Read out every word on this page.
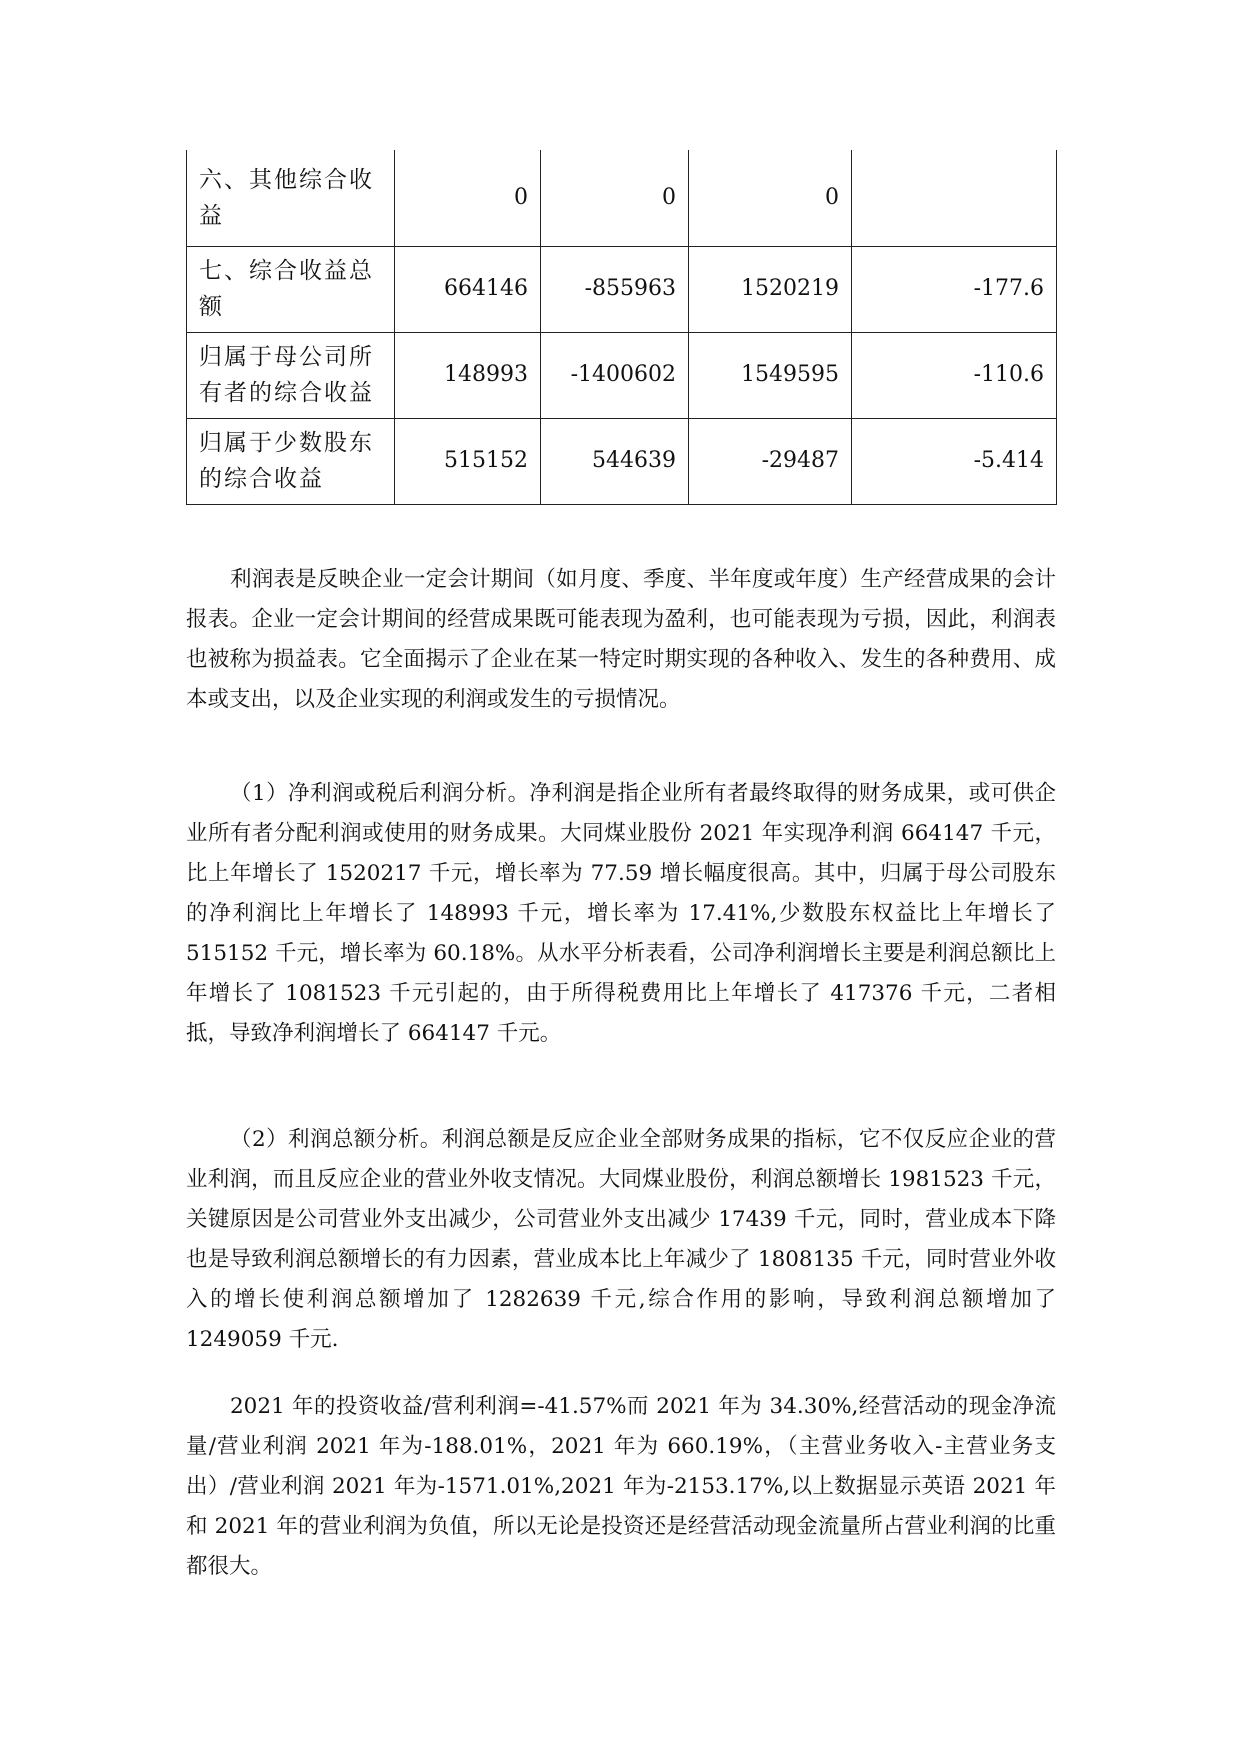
六、其他综合收益	0	0	0	
七、综合收益总额	664146	-855963	1520219	-177.6
归属于母公司所有者的综合收益	148993	-1400602	1549595	-110.6
归属于少数股东的综合收益	515152	544639	-29487	-5.414

利润表是反映企业一定会计期间（如月度、季度、半年度或年度）生产经营成果的会计报表。企业一定会计期间的经营成果既可能表现为盈利，也可能表现为亏损，因此，利润表也被称为损益表。它全面揭示了企业在某一特定时期实现的各种收入、发生的各种费用、成本或支出，以及企业实现的利润或发生的亏损情况。

（1）净利润或税后利润分析。净利润是指企业所有者最终取得的财务成果，或可供企业所有者分配利润或使用的财务成果。大同煤业股份 2021 年实现净利润 664147 千元，比上年增长了 1520217 千元，增长率为 77.59 增长幅度很高。其中，归属于母公司股东的净利润比上年增长了 148993 千元，增长率为 17.41%,少数股东权益比上年增长了 515152 千元，增长率为 60.18%。从水平分析表看，公司净利润增长主要是利润总额比上年增长了 1081523 千元引起的，由于所得税费用比上年增长了 417376 千元，二者相抵，导致净利润增长了 664147 千元。

（2）利润总额分析。利润总额是反应企业全部财务成果的指标，它不仅反应企业的营业利润，而且反应企业的营业外收支情况。大同煤业股份，利润总额增长 1981523 千元，关键原因是公司营业外支出减少，公司营业外支出减少 17439 千元，同时，营业成本下降也是导致利润总额增长的有力因素，营业成本比上年减少了 1808135 千元，同时营业外收入的增长使利润总额增加了 1282639 千元,综合作用的影响，导致利润总额增加了 1249059 千元.

2021 年的投资收益/营利利润=-41.57%而 2021 年为 34.30%,经营活动的现金净流量/营业利润 2021 年为-188.01%，2021 年为 660.19%，（主营业务收入-主营业务支出）/营业利润 2021 年为-1571.01%,2021 年为-2153.17%,以上数据显示英语 2021 年和 2021 年的营业利润为负值，所以无论是投资还是经营活动现金流量所占营业利润的比重都很大。
